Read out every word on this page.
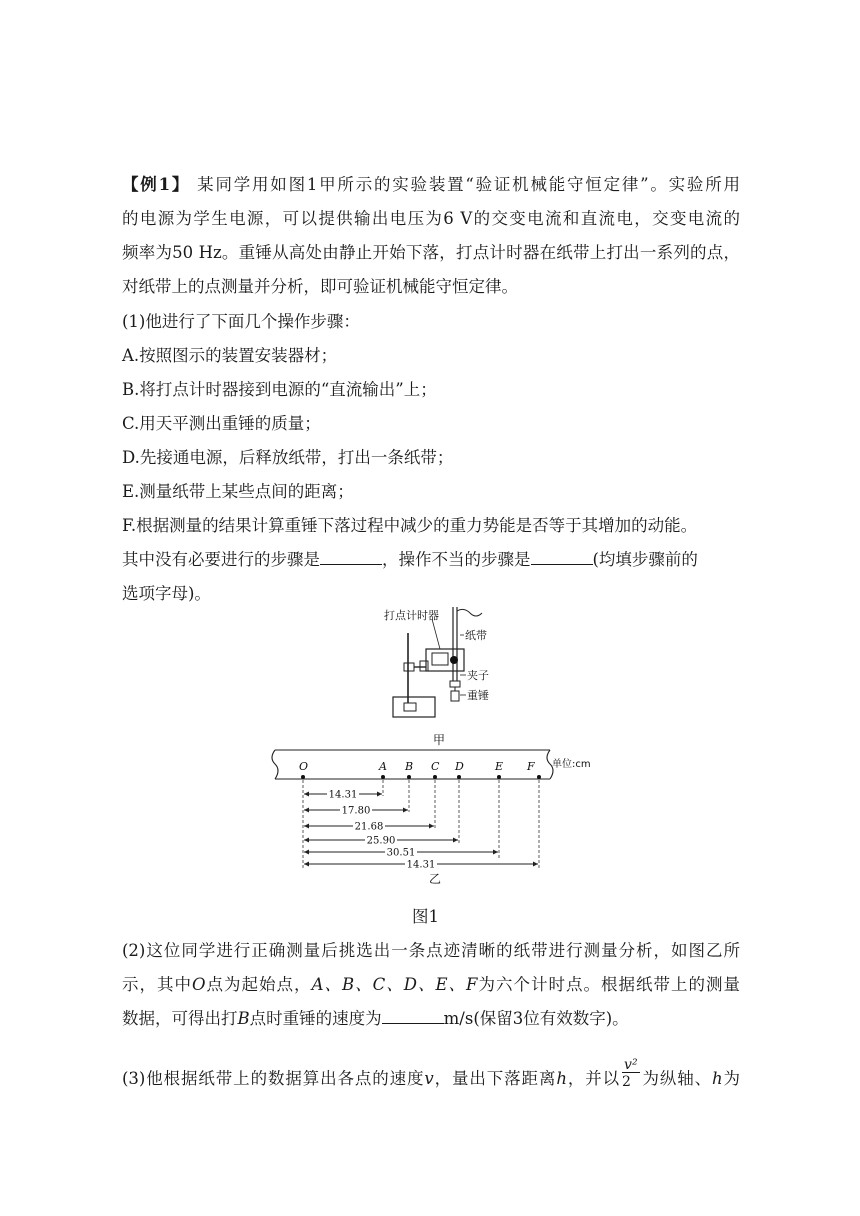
【例1】 某同学用如图1甲所示的实验装置“验证机械能守恒定律”。实验所用
的电源为学生电源，可以提供输出电压为6 V的交变电流和直流电，交变电流的
频率为50 Hz。重锤从高处由静止开始下落，打点计时器在纸带上打出一系列的点，
对纸带上的点测量并分析，即可验证机械能守恒定律。
(1)他进行了下面几个操作步骤：
A.按照图示的装置安装器材；
B.将打点计时器接到电源的“直流输出”上；
C.用天平测出重锤的质量；
D.先接通电源，后释放纸带，打出一条纸带；
E.测量纸带上某些点间的距离；
F.根据测量的结果计算重锤下落过程中减少的重力势能是否等于其增加的动能。
其中没有必要进行的步骤是	，操作不当的步骤是	(均填步骤前的
选项字母)。
打点计时器
纸带
夹子
重锤
甲
单位:cm
O	A B C D	E F
14.31
17.80
21.68
25.90
30.51
14.31
乙
图1
(2)这位同学进行正确测量后挑选出一条点迹清晰的纸带进行测量分析，如图乙所
示，其中O点为起始点，A、B、C、D、E、F为六个计时点。根据纸带上的测量
数据，可得出打B点时重锤的速度为	m/s(保留3位有效数字)。
(3)他根据纸带上的数据算出各点的速度v，量出下落距离h，并以 $\frac{\text{v²}}{2}$ 为纵轴、h为
